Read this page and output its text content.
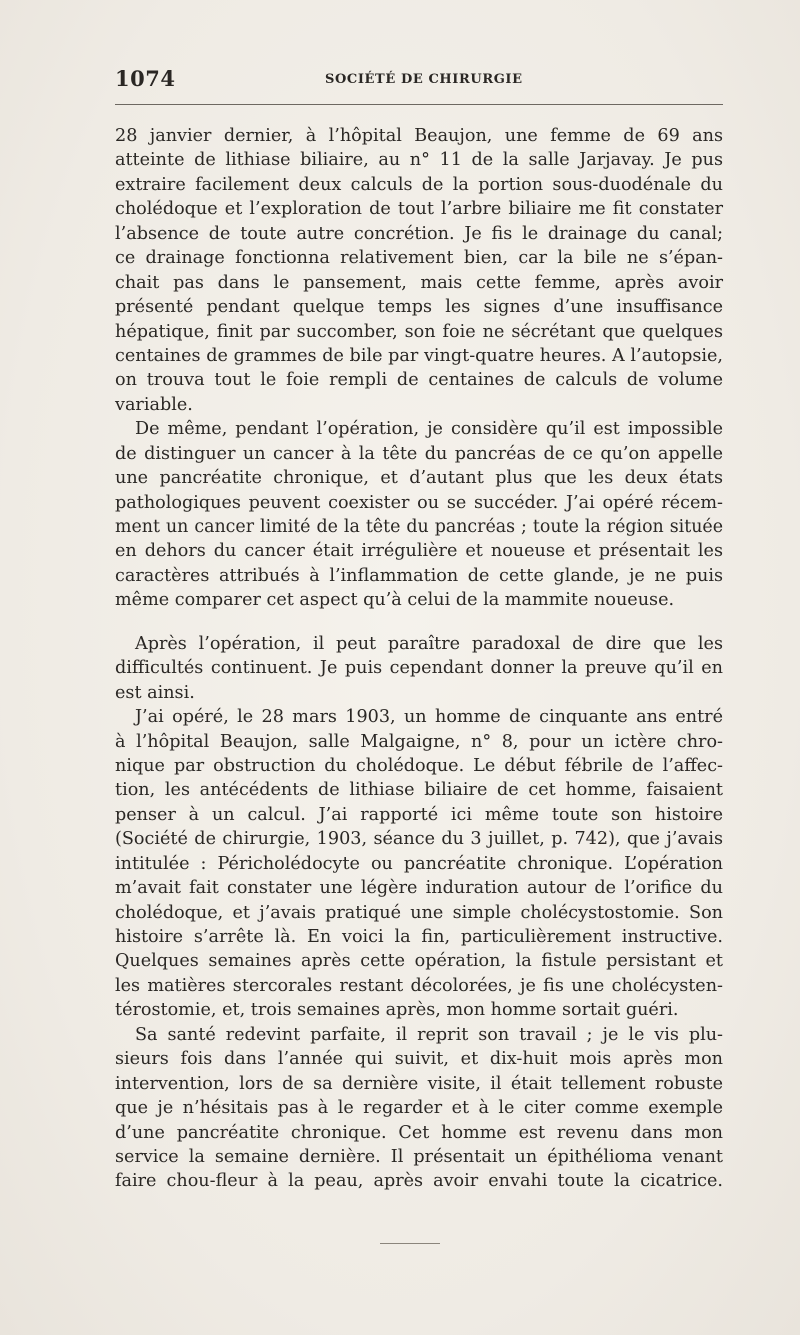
1074	SOCIÉTÉ DE CHIRURGIE
28 janvier dernier, à l’hôpital Beaujon, une femme de 69 ans
atteinte de lithiase biliaire, au n° 11 de la salle Jarjavay. Je pus
extraire facilement deux calculs de la portion sous-duodénale du
cholédoque et l’exploration de tout l’arbre biliaire me fit constater
l’absence de toute autre concrétion. Je fis le drainage du canal;
ce drainage fonctionna relativement bien, car la bile ne s’épan-
chait pas dans le pansement, mais cette femme, après avoir
présenté pendant quelque temps les signes d’une insuffisance
hépatique, finit par succomber, son foie ne sécrétant que quelques
centaines de grammes de bile par vingt-quatre heures. A l’autopsie,
on trouva tout le foie rempli de centaines de calculs de volume
variable.
De même, pendant l’opération, je considère qu’il est impossible
de distinguer un cancer à la tête du pancréas de ce qu’on appelle
une pancréatite chronique, et d’autant plus que les deux états
pathologiques peuvent coexister ou se succéder. J’ai opéré récem-
ment un cancer limité de la tête du pancréas ; toute la région située
en dehors du cancer était irrégulière et noueuse et présentait les
caractères attribués à l’inflammation de cette glande, je ne puis
même comparer cet aspect qu’à celui de la mammite noueuse.
Après l’opération, il peut paraître paradoxal de dire que les
difficultés continuent. Je puis cependant donner la preuve qu’il en
est ainsi.
J’ai opéré, le 28 mars 1903, un homme de cinquante ans entré
à l’hôpital Beaujon, salle Malgaigne, n° 8, pour un ictère chro-
nique par obstruction du cholédoque. Le début fébrile de l’affec-
tion, les antécédents de lithiase biliaire de cet homme, faisaient
penser à un calcul. J’ai rapporté ici même toute son histoire
(Société de chirurgie, 1903, séance du 3 juillet, p. 742), que j’avais
intitulée : Péricholédocyte ou pancréatite chronique. L’opération
m’avait fait constater une légère induration autour de l’orifice du
cholédoque, et j’avais pratiqué une simple cholécystostomie. Son
histoire s’arrête là. En voici la fin, particulièrement instructive.
Quelques semaines après cette opération, la fistule persistant et
les matières stercorales restant décolorées, je fis une cholécysten-
térostomie, et, trois semaines après, mon homme sortait guéri.
Sa santé redevint parfaite, il reprit son travail ; je le vis plu-
sieurs fois dans l’année qui suivit, et dix-huit mois après mon
intervention, lors de sa dernière visite, il était tellement robuste
que je n’hésitais pas à le regarder et à le citer comme exemple
d’une pancréatite chronique. Cet homme est revenu dans mon
service la semaine dernière. Il présentait un épithélioma venant
faire chou-fleur à la peau, après avoir envahi toute la cicatrice.
